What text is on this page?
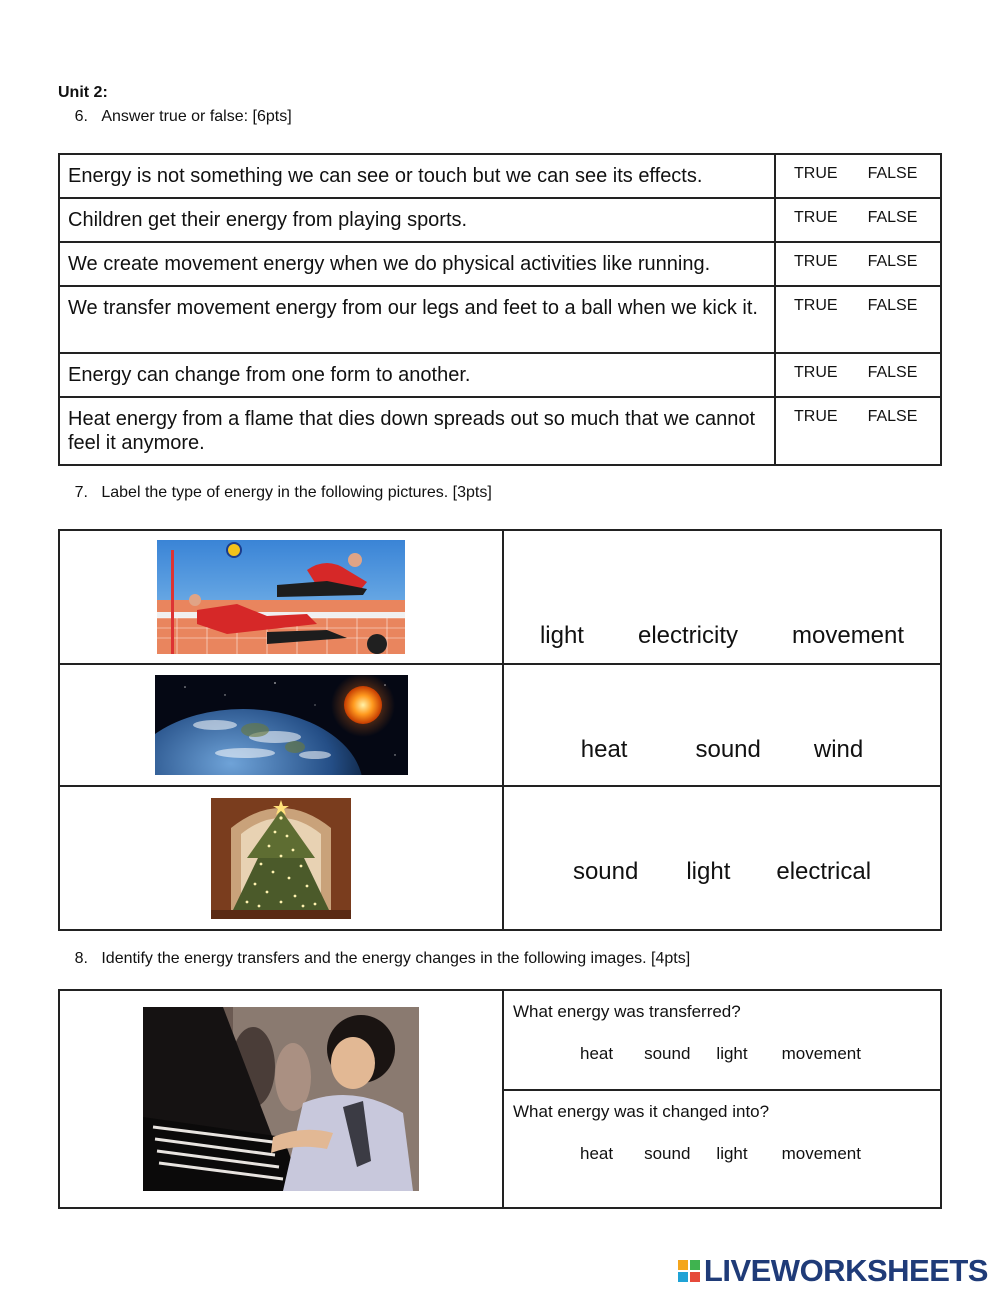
Unit 2:
6. Answer true or false: [6pts]
Energy is not something we can see or touch but we can see its effects.	TRUE FALSE

Children get their energy from playing sports.	TRUE FALSE

We create movement energy when we do physical activities like running.	TRUE FALSE

We transfer movement energy from our legs and feet to a ball when we kick it.	TRUE FALSE

Energy can change from one form to another.	TRUE FALSE

Heat energy from a flame that dies down spreads out so much that we cannot feel it anymore.	TRUE FALSE
7. Label the type of energy in the following pictures. [3pts]

light electricity movement

heat sound wind

sound light electrical
8. Identify the energy transfers and the energy changes in the following images. [4pts]

What energy was transferred?
heat sound light movement

What energy was it changed into?
heat sound light movement
LIVEWORKSHEETS
